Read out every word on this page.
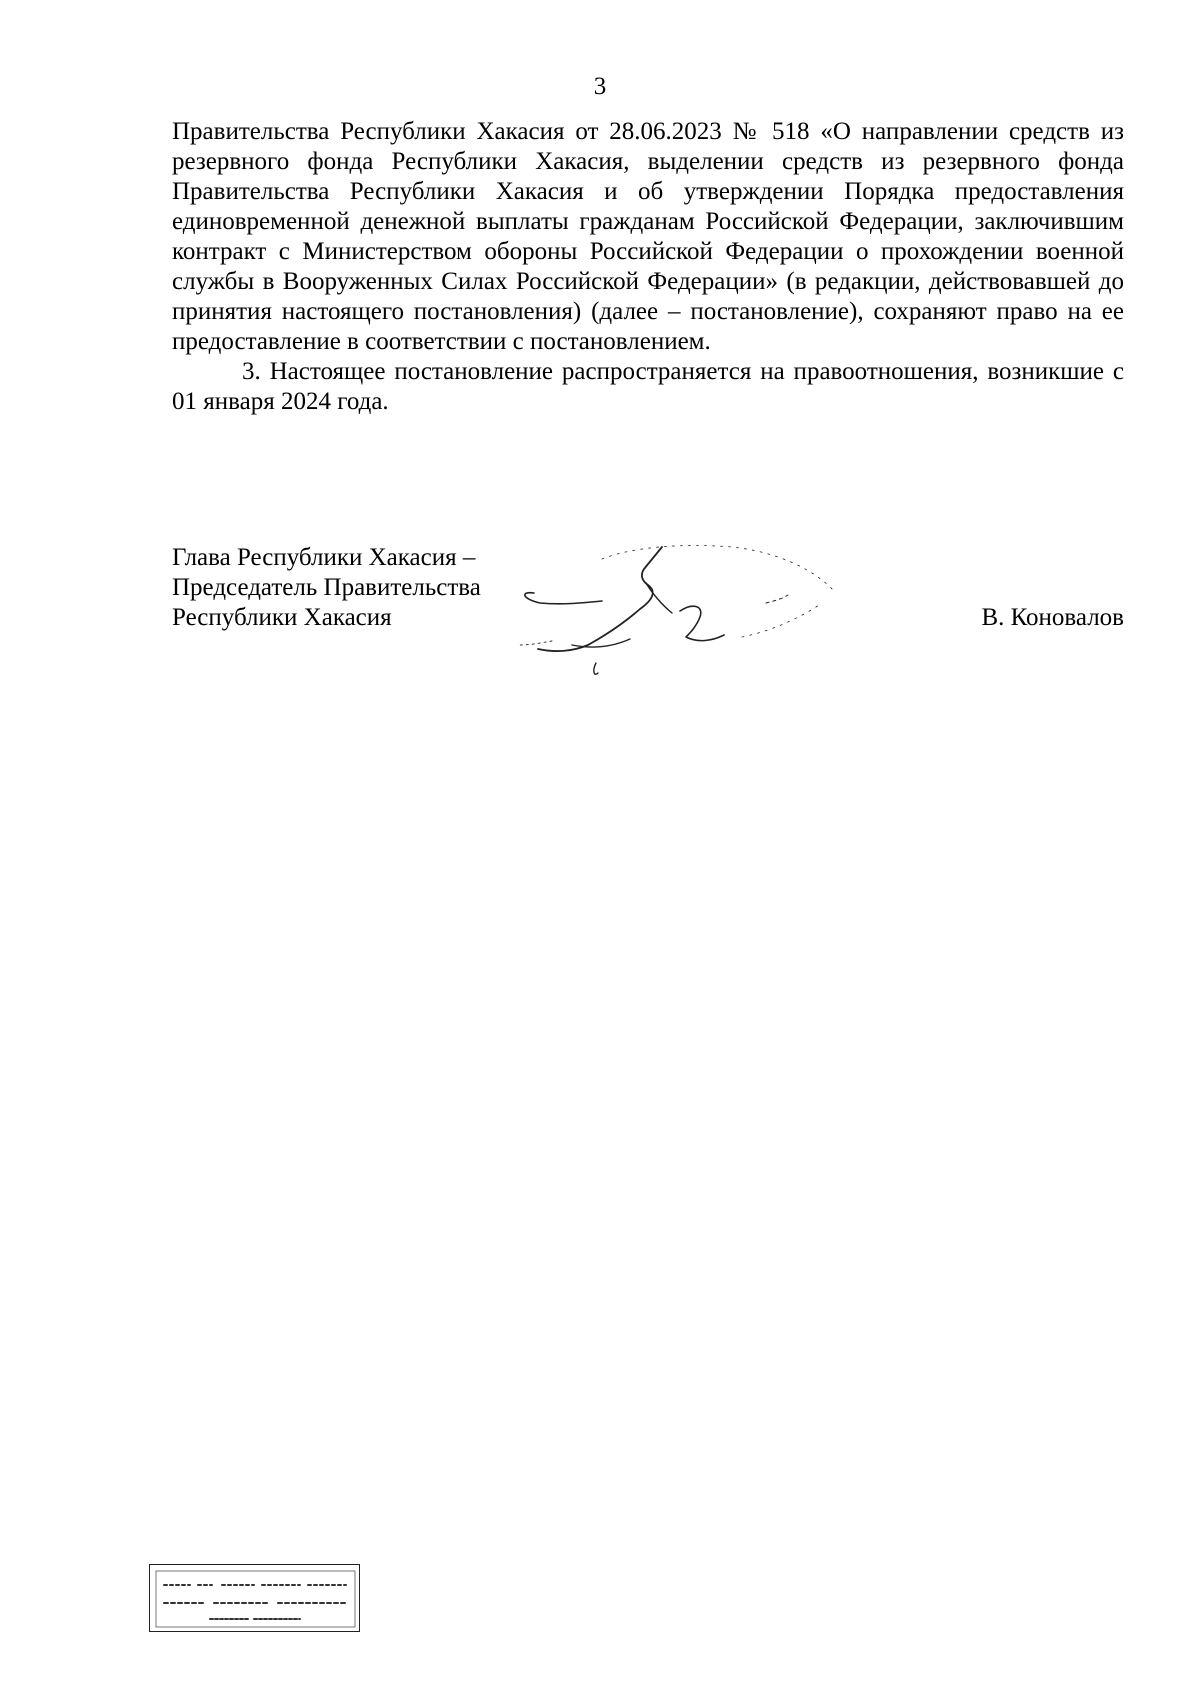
3

Правительства Республики Хакасия от 28.06.2023 № 518 «О направлении средств из резервного фонда Республики Хакасия, выделении средств из резервного фонда Правительства Республики Хакасия и об утверждении Порядка предоставления единовременной денежной выплаты гражданам Российской Федерации, заключившим контракт с Министерством обороны Российской Федерации о прохождении военной службы в Вооруженных Силах Российской Федерации» (в редакции, действовавшей до принятия настоящего постановления) (далее – постановление), сохраняют право на ее предоставление в соответствии с постановлением.

3. Настоящее постановление распространяется на правоотношения, возникшие с 01 января 2024 года.

Глава Республики Хакасия –
Председатель Правительства
Республики Хакасия	В. Коновалов
